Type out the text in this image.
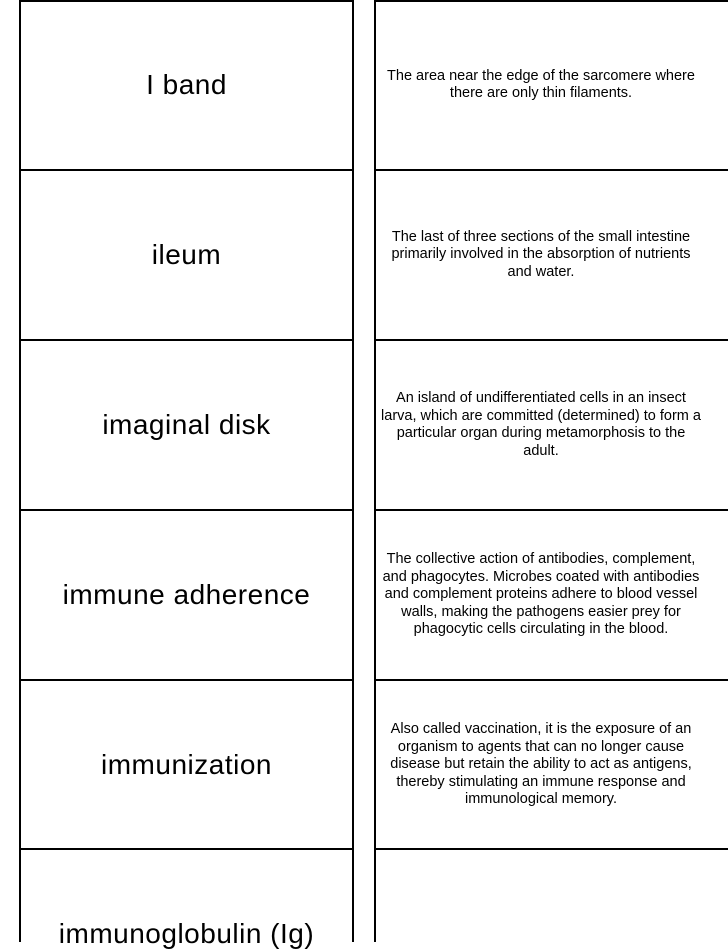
I band	The area near the edge of the sarcomere where there are only thin filaments.
ileum
The last of three sections of the small intestine primarily involved in the absorption of nutrients and water.
imaginal disk
An island of undifferentiated cells in an insect larva, which are committed (determined) to form a particular organ during metamorphosis to the adult.
immune adherence
The collective action of antibodies, complement, and phagocytes. Microbes coated with antibodies and complement proteins adhere to blood vessel walls, making the pathogens easier prey for phagocytic cells circulating in the blood.
immunization
Also called vaccination, it is the exposure of an organism to agents that can no longer cause disease but retain the ability to act as antigens, thereby stimulating an immune response and immunological memory.
immunoglobulin (Ig)
